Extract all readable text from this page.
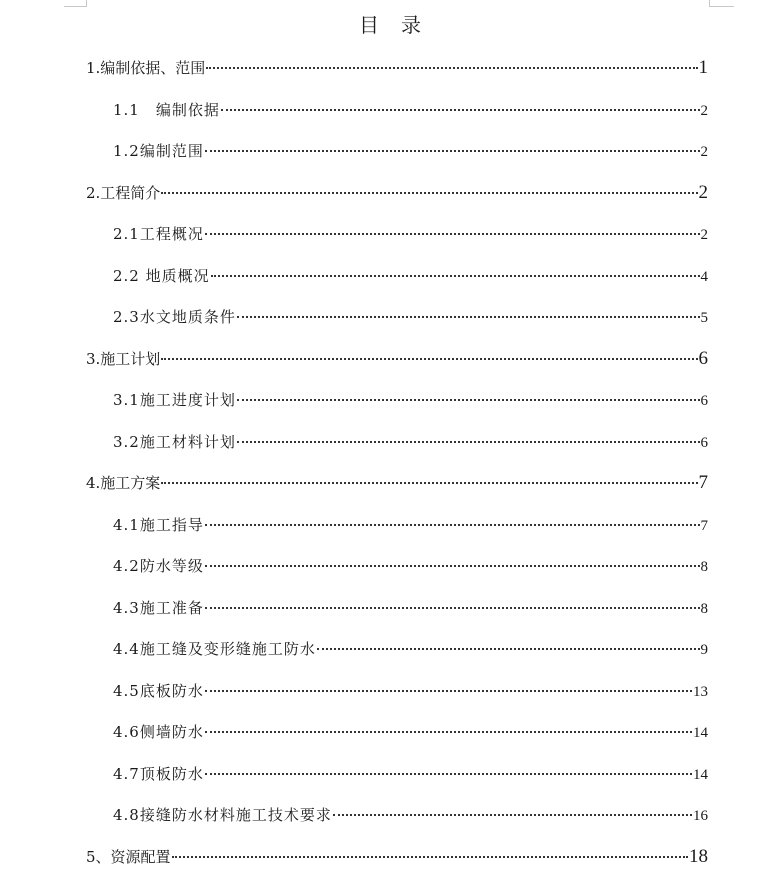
目　录
1.编制依据、范围	1
1.1　编制依据	2
1.2编制范围	2
2.工程简介	2
2.1工程概况	2
2.2 地质概况	4
2.3水文地质条件	5
3.施工计划	6
3.1施工进度计划	6
3.2施工材料计划	6
4.施工方案	7
4.1施工指导	7
4.2防水等级	8
4.3施工准备	8
4.4施工缝及变形缝施工防水	9
4.5底板防水	13
4.6侧墙防水	14
4.7顶板防水	14
4.8接缝防水材料施工技术要求	16
5、资源配置	18
